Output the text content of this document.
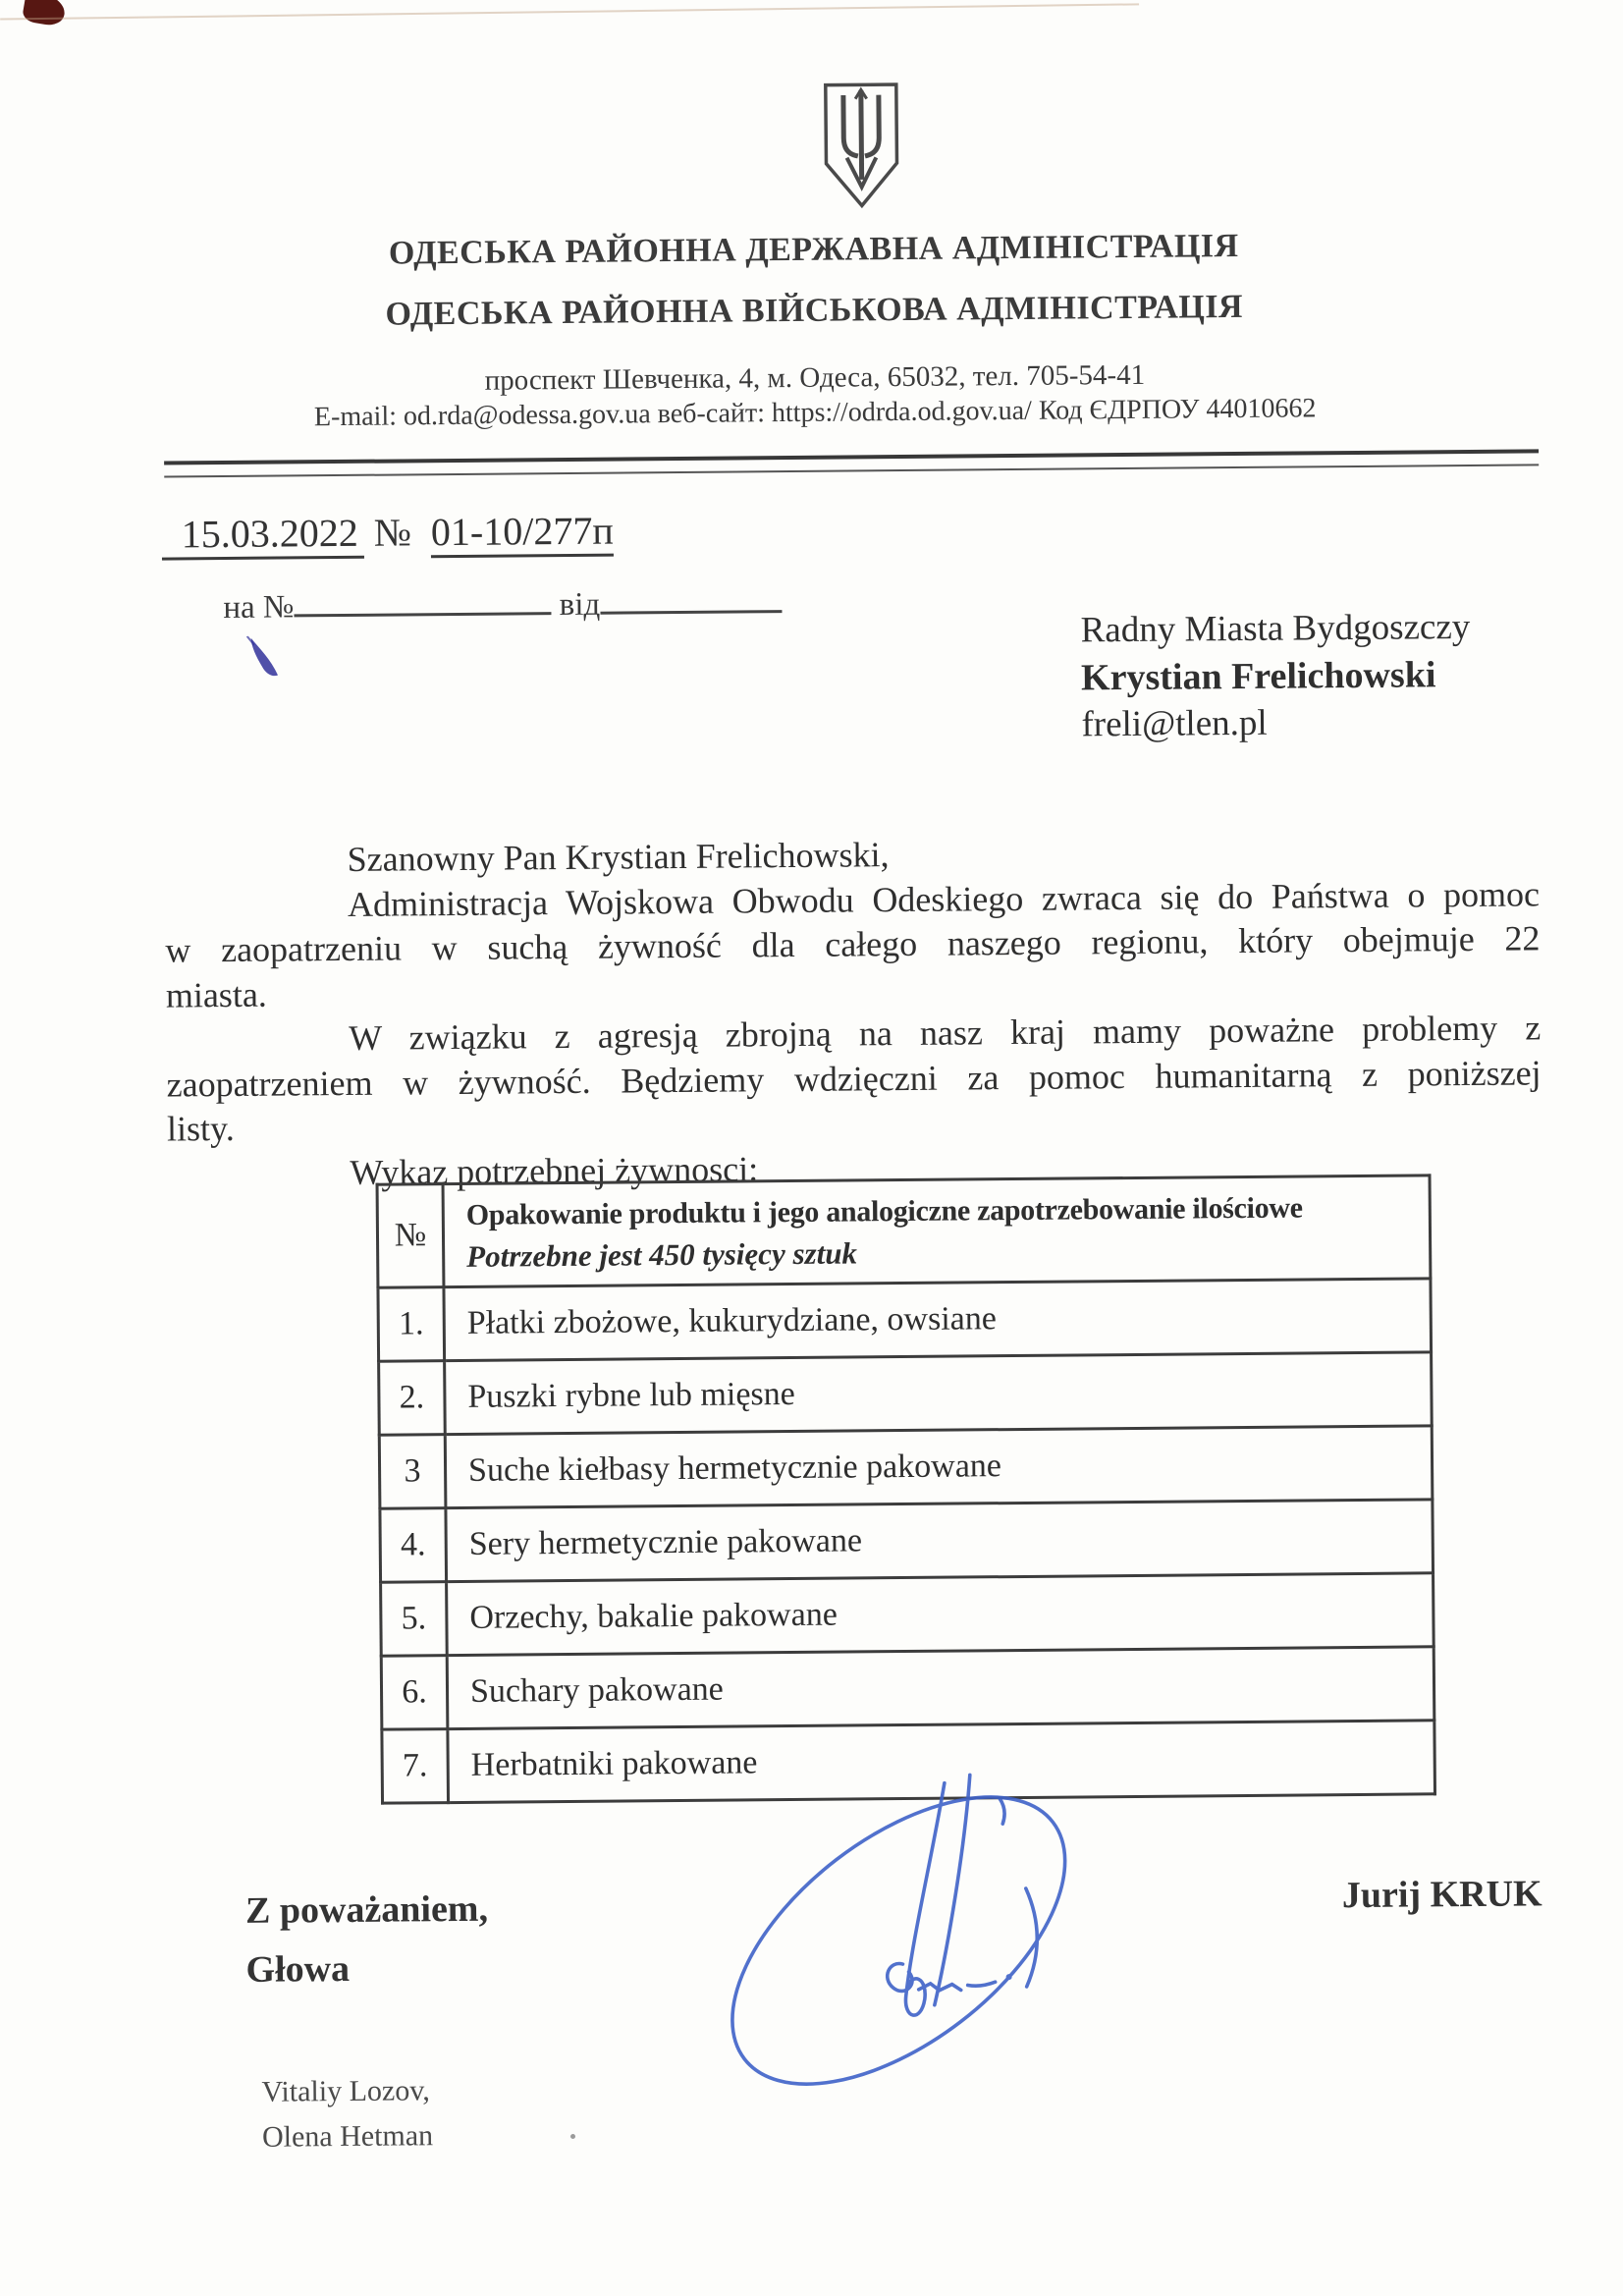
ОДЕСЬКА РАЙОННА ДЕРЖАВНА АДМІНІСТРАЦІЯ
ОДЕСЬКА РАЙОННА ВІЙСЬКОВА АДМІНІСТРАЦІЯ
проспект Шевченка, 4, м. Одеса, 65032, тел. 705-54-41
E-mail: od.rda@odessa.gov.ua веб-сайт: https://odrda.od.gov.ua/ Код ЄДРПОУ 44010662
15.03.2022 № 01-10/277п
на №	від
Radny Miasta Bydgoszczy
Krystian Frelichowski
freli@tlen.pl
Szanowny Pan Krystian Frelichowski,
Administracja Wojskowa Obwodu Odeskiego zwraca się do Państwa o pomoc
w zaopatrzeniu w suchą żywność dla całego naszego regionu, który obejmuje 22
miasta.
W związku z agresją zbrojną na nasz kraj mamy poważne problemy z
zaopatrzeniem w żywność. Będziemy wdzięczni za pomoc humanitarną z poniższej
listy.
Wykaz potrzebnej żywnosci:
№	Opakowanie produktu i jego analogiczne zapotrzebowanie ilościowe
Potrzebne jest 450 tysięcy sztuk

1.	Płatki zbożowe, kukurydziane, owsiane
2.	Puszki rybne lub mięsne
3	Suche kiełbasy hermetycznie pakowane
4.	Sery hermetycznie pakowane
5.	Orzechy, bakalie pakowane
6.	Suchary pakowane
7.	Herbatniki pakowane
Z poważaniem,
Głowa
Jurij KRUK
Vitaliy Lozov,
Olena Hetman
